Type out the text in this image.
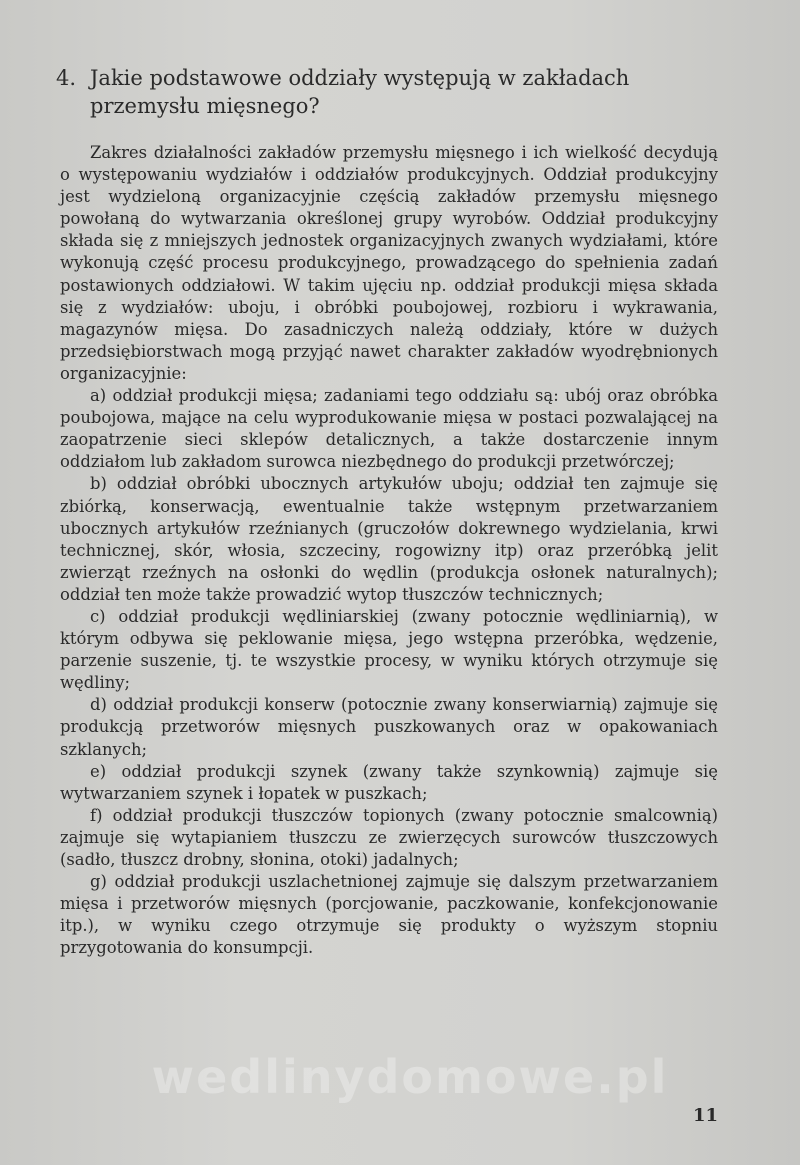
4. Jakie podstawowe oddziały występują w zakładach przemysłu mięsnego?

Zakres działalności zakładów przemysłu mięsnego i ich wielkość decydują o występowaniu wydziałów i oddziałów produkcyjnych. Oddział produkcyjny jest wydzieloną organizacyjnie częścią zakładów przemysłu mięsnego powołaną do wytwarzania określonej grupy wyrobów. Oddział produkcyjny składa się z mniejszych jednostek organizacyjnych zwanych wydziałami, które wykonują część procesu produkcyjnego, prowadzącego do spełnienia zadań postawionych oddziałowi. W takim ujęciu np. oddział produkcji mięsa składa się z wydziałów: uboju, i obróbki poubojowej, rozbioru i wykrawania, magazynów mięsa. Do zasadniczych należą oddziały, które w dużych przedsiębiorstwach mogą przyjąć nawet charakter zakładów wyodrębnionych organizacyjnie:

a) oddział produkcji mięsa; zadaniami tego oddziału są: ubój oraz obróbka poubojowa, mające na celu wyprodukowanie mięsa w postaci pozwalającej na zaopatrzenie sieci sklepów detalicznych, a także dostarczenie innym oddziałom lub zakładom surowca niezbędnego do produkcji przetwórczej;

b) oddział obróbki ubocznych artykułów uboju; oddział ten zajmuje się zbiórką, konserwacją, ewentualnie także wstępnym przetwarzaniem ubocznych artykułów rzeźnianych (gruczołów dokrewnego wydzielania, krwi technicznej, skór, włosia, szczeciny, rogowizny itp) oraz przeróbką jelit zwierząt rzeźnych na osłonki do wędlin (produkcja osłonek naturalnych); oddział ten może także prowadzić wytop tłuszczów technicznych;

c) oddział produkcji wędliniarskiej (zwany potocznie wędliniarnią), w którym odbywa się peklowanie mięsa, jego wstępna przeróbka, wędzenie, parzenie suszenie, tj. te wszystkie procesy, w wyniku których otrzymuje się wędliny;

d) oddział produkcji konserw (potocznie zwany konserwiarnią) zajmuje się produkcją przetworów mięsnych puszkowanych oraz w opakowaniach szklanych;

e) oddział produkcji szynek (zwany także szynkownią) zajmuje się wytwarzaniem szynek i łopatek w puszkach;

f) oddział produkcji tłuszczów topionych (zwany potocznie smalcownią) zajmuje się wytapianiem tłuszczu ze zwierzęcych surowców tłuszczowych (sadło, tłuszcz drobny, słonina, otoki) jadalnych;

g) oddział produkcji uszlachetnionej zajmuje się dalszym przetwarzaniem mięsa i przetworów mięsnych (porcjowanie, paczkowanie, konfekcjonowanie itp.), w wyniku czego otrzymuje się produkty o wyższym stopniu przygotowania do konsumpcji.

wedlinydomowe.pl
11
